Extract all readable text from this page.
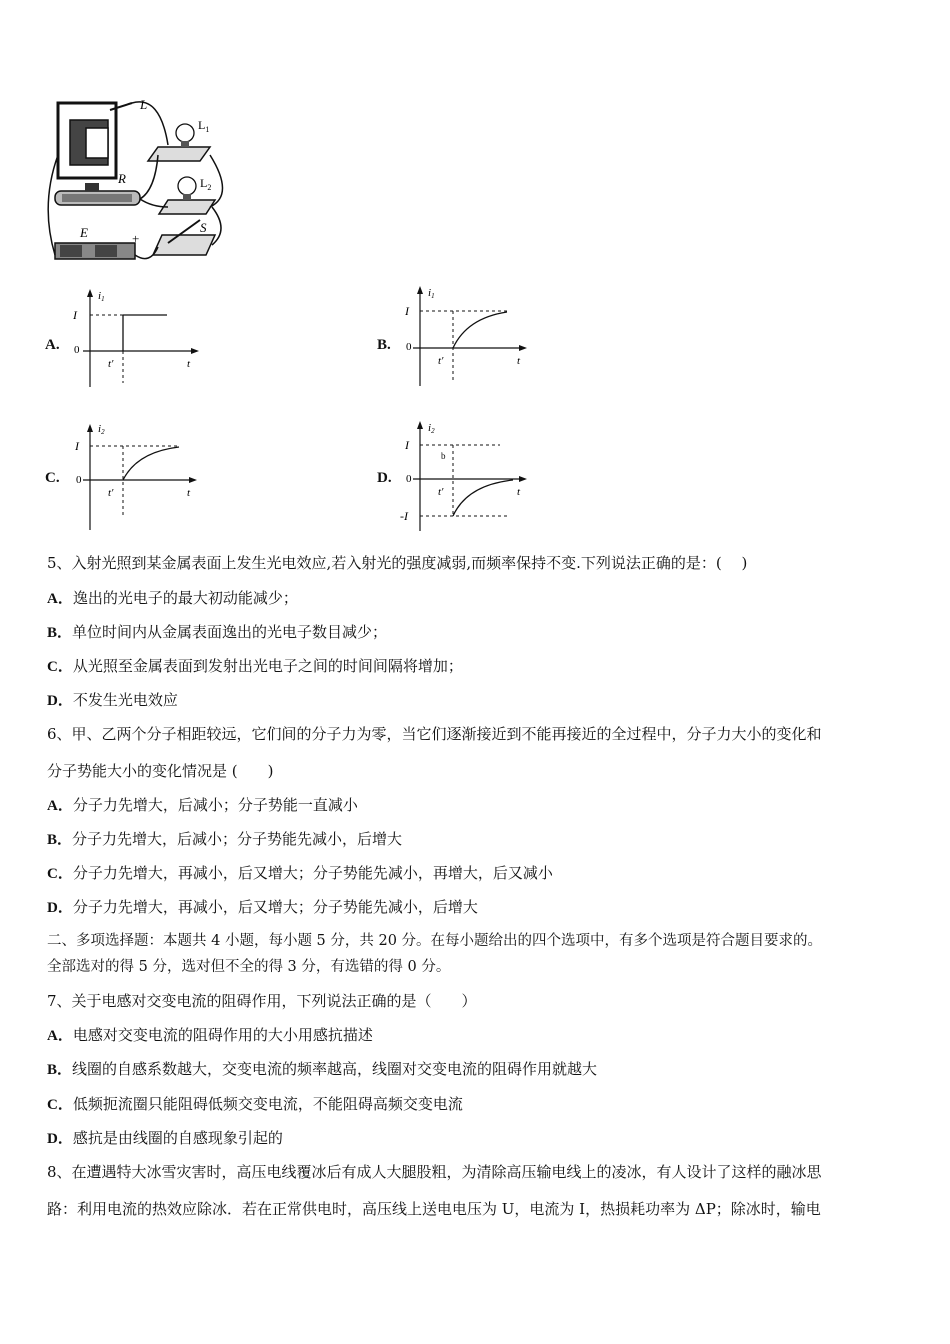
L
$L_1$
$L_2$
R
E	S
+
A.
i1
I
0
t′	t
B.
i1
I
0
t′	t
C.
i2
I
0
t′	t
D.
i2
I
0
-I
b
t′	t
5、入射光照到某金属表面上发生光电效应,若入射光的强度减弱,而频率保持不变.下列说法正确的是：(　 )
A．逸出的光电子的最大初动能减少；
B．单位时间内从金属表面逸出的光电子数目减少；
C．从光照至金属表面到发射出光电子之间的时间间隔将增加；
D．不发生光电效应
6、甲、乙两个分子相距较远，它们间的分子力为零，当它们逐渐接近到不能再接近的全过程中，分子力大小的变化和
分子势能大小的变化情况是 (　　)
A．分子力先增大，后减小；分子势能一直减小
B．分子力先增大，后减小；分子势能先减小，后增大
C．分子力先增大，再减小，后又增大；分子势能先减小，再增大，后又减小
D．分子力先增大，再减小，后又增大；分子势能先减小，后增大
二、多项选择题：本题共 4 小题，每小题 5 分，共 20 分。在每小题给出的四个选项中，有多个选项是符合题目要求的。
全部选对的得 5 分，选对但不全的得 3 分，有选错的得 0 分。
7、关于电感对交变电流的阻碍作用，下列说法正确的是（　　）
A．电感对交变电流的阻碍作用的大小用感抗描述
B．线圈的自感系数越大，交变电流的频率越高，线圈对交变电流的阻碍作用就越大
C．低频扼流圈只能阻碍低频交变电流，不能阻碍高频交变电流
D．感抗是由线圈的自感现象引起的
8、在遭遇特大冰雪灾害时，高压电线覆冰后有成人大腿股粗，为清除高压输电线上的凌冰，有人设计了这样的融冰思
路：利用电流的热效应除冰．若在正常供电时，高压线上送电电压为 U，电流为 I，热损耗功率为 ΔP；除冰时，输电
